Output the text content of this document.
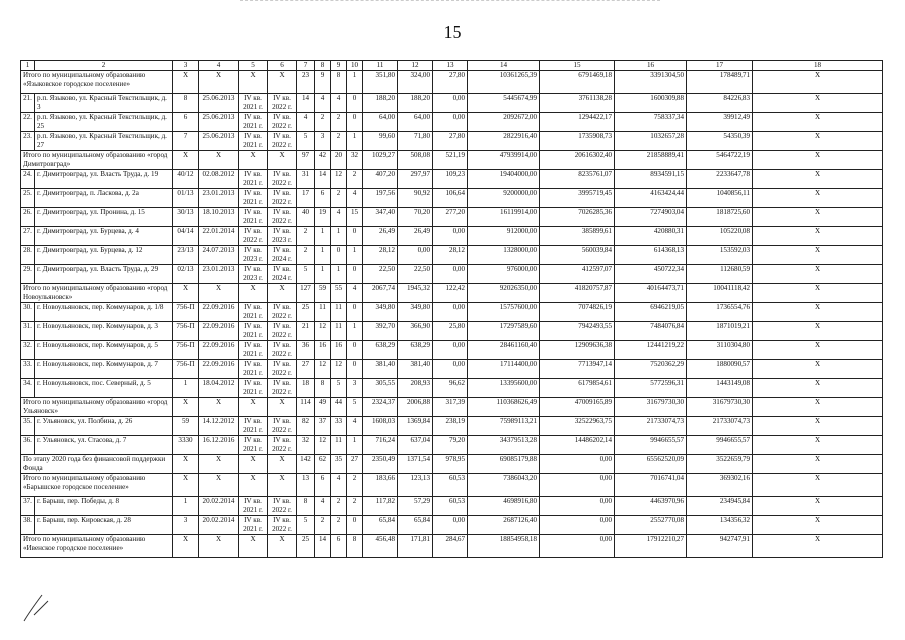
15
1	2	3	4	5	6	7	8	9	10	11	12	13	14	15	16	17	18
Итого по муниципальному образованию «Языковское городское поселение»		X	X	X	X	23	9	8	1	351,80	324,00	27,80	10361265,39	6791469,18	3391304,50	178489,71	X
21.	р.п. Языково, ул. Красный Текстильщик, д. 3	8	25.06.2013	IV кв. 2021 г.	IV кв. 2022 г.	14	4	4	0	188,20	188,20	0,00	5445674,99	3761138,28	1600309,88	84226,83	X
22.	р.п. Языково, ул. Красный Текстильщик, д. 25	6	25.06.2013	IV кв. 2021 г.	IV кв. 2022 г.	4	2	2	0	64,00	64,00	0,00	2092672,00	1294422,17	758337,34	39912,49	X
23.	р.п. Языково, ул. Красный Текстильщик, д. 27	7	25.06.2013	IV кв. 2021 г.	IV кв. 2022 г.	5	3	2	1	99,60	71,80	27,80	2822916,40	1735908,73	1032657,28	54350,39	X
Итого по муниципальному образованию «город Димитровград»		X	X	X	X	97	42	20	32	1029,27	508,08	521,19	47939914,00	20616302,40	21858889,41	5464722,19	X
24.	г. Димитровград, ул. Власть Труда, д. 19	40/12	02.08.2012	IV кв. 2021 г.	IV кв. 2022 г.	31	14	12	2	407,20	297,97	109,23	19404000,00	8235761,07	8934591,15	2233647,78	X
25.	г. Димитровград, п. Ласкова, д. 2а	01/13	23.01.2013	IV кв. 2021 г.	IV кв. 2022 г.	17	6	2	4	197,56	90,92	106,64	9200000,00	3995719,45	4163424,44	1040856,11	X
26.	г. Димитровград, ул. Пронина, д. 15	30/13	18.10.2013	IV кв. 2021 г.	IV кв. 2022 г.	40	19	4	15	347,40	70,20	277,20	16119914,00	7026285,36	7274903,04	1818725,60	X
27.	г. Димитровград, ул. Бурцева, д. 4	04/14	22.01.2014	IV кв. 2022 г.	IV кв. 2023 г.	2	1	1	0	26,49	26,49	0,00	912000,00	385899,61	420880,31	105220,08	X
28.	г. Димитровград, ул. Бурцева, д. 12	23/13	24.07.2013	IV кв. 2023 г.	IV кв. 2024 г.	2	1	0	1	28,12	0,00	28,12	1328000,00	560039,84	614368,13	153592,03	X
29.	г. Димитровград, ул. Власть Труда, д. 29	02/13	23.01.2013	IV кв. 2023 г.	IV кв. 2024 г.	5	1	1	0	22,50	22,50	0,00	976000,00	412597,07	450722,34	112680,59	X
Итого по муниципальному образованию «город Новоульяновск»		X	X	X	X	127	59	55	4	2067,74	1945,32	122,42	92026350,00	41820757,87	40164473,71	10041118,42	X
30.	г. Новоульяновск, пер. Коммунаров, д. 1/8	756-П	22.09.2016	IV кв. 2021 г.	IV кв. 2022 г.	25	11	11	0	349,80	349,80	0,00	15757600,00	7074826,19	6946219,05	1736554,76	X
31.	г. Новоульяновск, пер. Коммунаров, д. 3	756-П	22.09.2016	IV кв. 2021 г.	IV кв. 2022 г.	21	12	11	1	392,70	366,90	25,80	17297589,60	7942493,55	7484076,84	1871019,21	X
32.	г. Новоульяновск, пер. Коммунаров, д. 5	756-П	22.09.2016	IV кв. 2021 г.	IV кв. 2022 г.	36	16	16	0	638,29	638,29	0,00	28461160,40	12909636,38	12441219,22	3110304,80	X
33.	г. Новоульяновск, пер. Коммунаров, д. 7	756-П	22.09.2016	IV кв. 2021 г.	IV кв. 2022 г.	27	12	12	0	381,40	381,40	0,00	17114400,00	7713947,14	7520362,29	1880090,57	X
34.	г. Новоульяновск, пос. Северный, д. 5	1	18.04.2012	IV кв. 2021 г.	IV кв. 2022 г.	18	8	5	3	305,55	208,93	96,62	13395600,00	6179854,61	5772596,31	1443149,08	X
Итого по муниципальному образованию «город Ульяновск»		X	X	X	X	114	49	44	5	2324,37	2006,88	317,39	110368626,49	47009165,89	31679730,30	31679730,30	X
35.	г. Ульяновск, ул. Полбина, д. 26	59	14.12.2012	IV кв. 2021 г.	IV кв. 2022 г.	82	37	33	4	1608,03	1369,84	238,19	75989113,21	32522963,75	21733074,73	21733074,73	X
36.	г. Ульяновск, ул. Стасова, д. 7	3330	16.12.2016	IV кв. 2021 г.	IV кв. 2022 г.	32	12	11	1	716,24	637,04	79,20	34379513,28	14486202,14	9946655,57	9946655,57	X
По этапу 2020 года без финансовой поддержки Фонда		X	X	X	X	142	62	35	27	2350,49	1371,54	978,95	69085179,88	0,00	65562520,09	3522659,79	X
Итого по муниципальному образованию «Барышское городское поселение»		X	X	X	X	13	6	4	2	183,66	123,13	60,53	7386043,20	0,00	7016741,04	369302,16	X
37.	г. Барыш, пер. Победы, д. 8	1	20.02.2014	IV кв. 2021 г.	IV кв. 2022 г.	8	4	2	2	117,82	57,29	60,53	4698916,80	0,00	4463970,96	234945,84	X
38.	г. Барыш, пер. Кировская, д. 28	3	20.02.2014	IV кв. 2021 г.	IV кв. 2022 г.	5	2	2	0	65,84	65,84	0,00	2687126,40	0,00	2552770,08	134356,32	X
Итого по муниципальному образованию «Ивенское городское поселение»		X	X	X	X	25	14	6	8	456,48	171,81	284,67	18854958,18	0,00	17912210,27	942747,91	X
